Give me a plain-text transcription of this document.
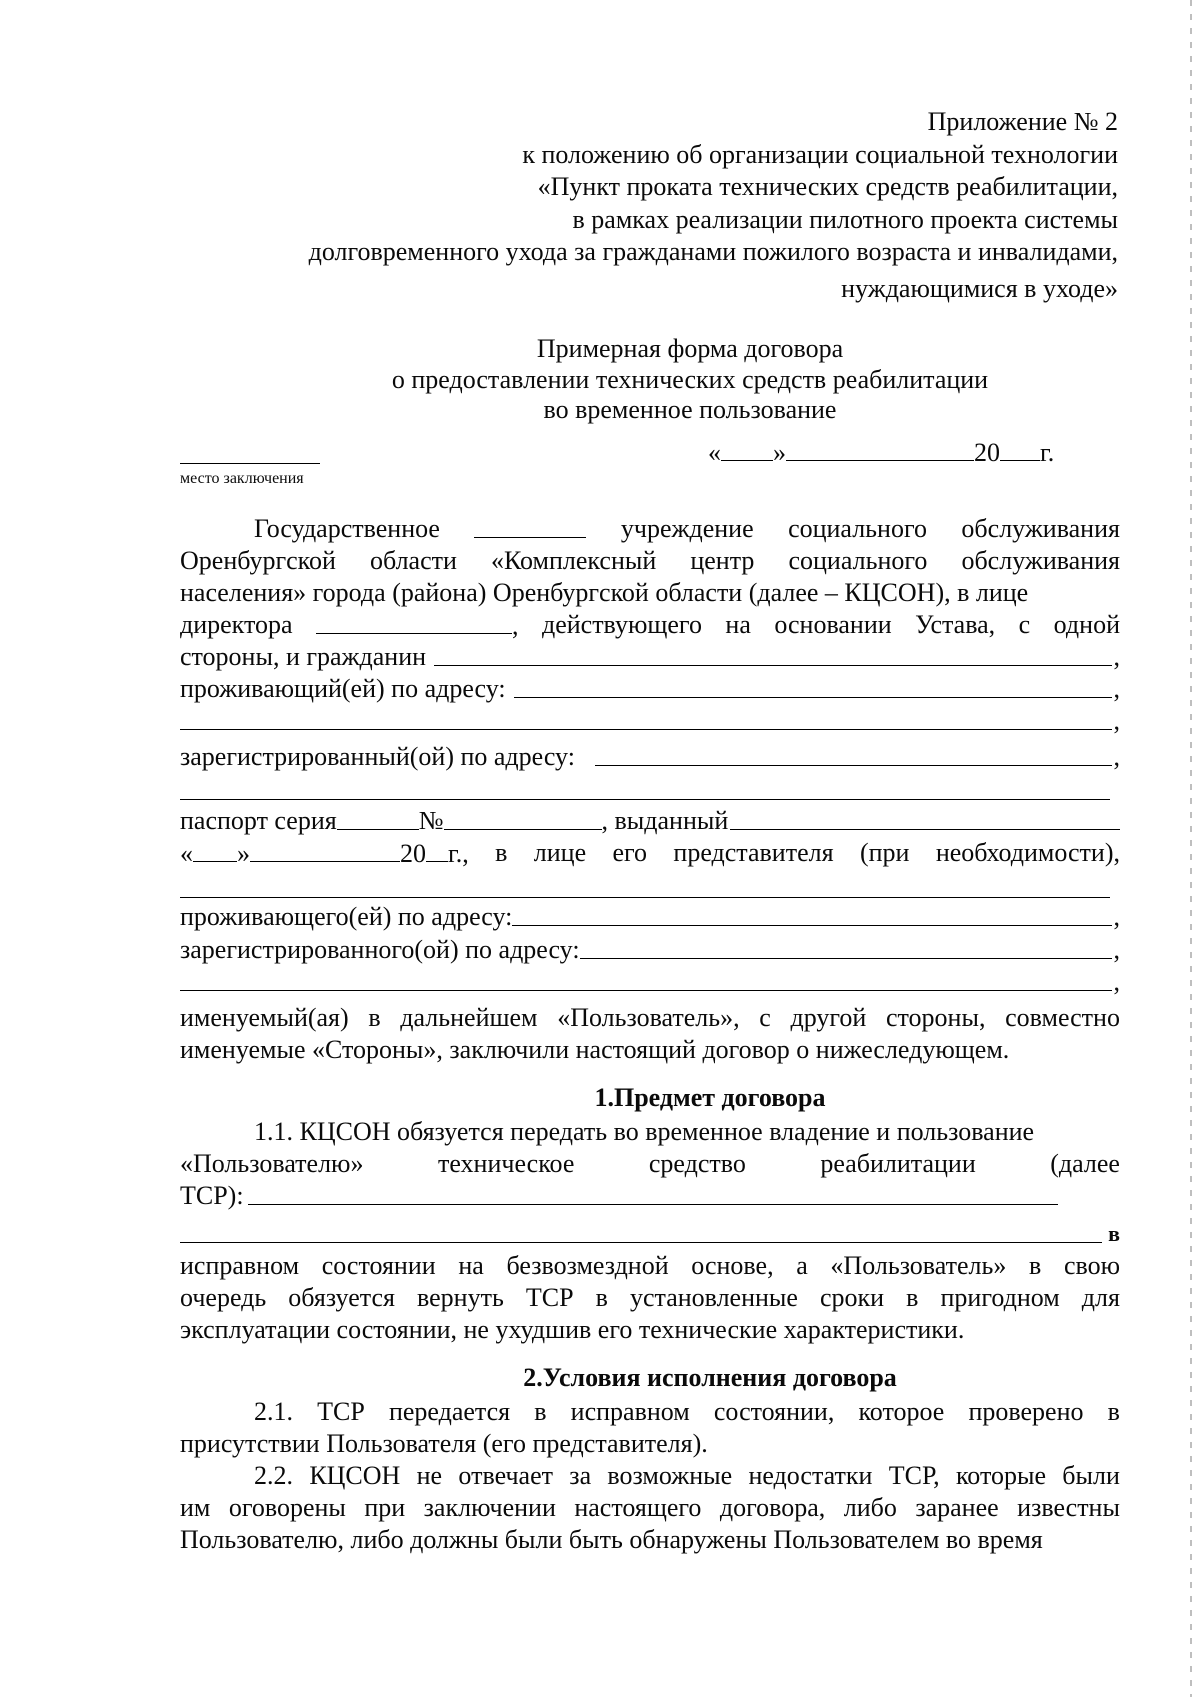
Приложение № 2
к положению об организации социальной технологии
«Пункт проката технических средств реабилитации,
в рамках реализации пилотного проекта системы
долговременного ухода за гражданами пожилого возраста и инвалидами,
нуждающимися в уходе»
Примерная форма договора
о предоставлении технических средств реабилитации
во временное пользование
место заключения
« »	20 г.
Государственное	учреждение социального обслуживания
Оренбургской области «Комплексный центр социального обслуживания
населения» города (района) Оренбургской области (далее – КЦСОН), в лице
директора	, действующего на основании Устава, с одной
стороны, и гражданин	,
проживающий(ей) по адресу:	,
,
зарегистрированный(ой) по адресу:	,
паспорт серия	№	, выданный
« »	20 г., в лице его представителя (при необходимости),
проживающего(ей) по адресу:	,
зарегистрированного(ой) по адресу:	,
,
именуемый(ая) в дальнейшем «Пользователь», с другой стороны, совместно
именуемые «Стороны», заключили настоящий договор о нижеследующем.
1.Предмет договора
1.1. КЦСОН обязуется передать во временное владение и пользование
«Пользователю»	техническое	средство	реабилитации	(далее
ТСР):
в
исправном состоянии на безвозмездной основе, а «Пользователь» в свою
очередь обязуется вернуть ТСР в установленные сроки в пригодном для
эксплуатации состоянии, не ухудшив его технические характеристики.
2.Условия исполнения договора
2.1. ТСР передается в исправном состоянии, которое проверено в
присутствии Пользователя (его представителя).
2.2. КЦСОН не отвечает за возможные недостатки ТСР, которые были
им оговорены при заключении настоящего договора, либо заранее известны
Пользователю, либо должны были быть обнаружены Пользователем во время
